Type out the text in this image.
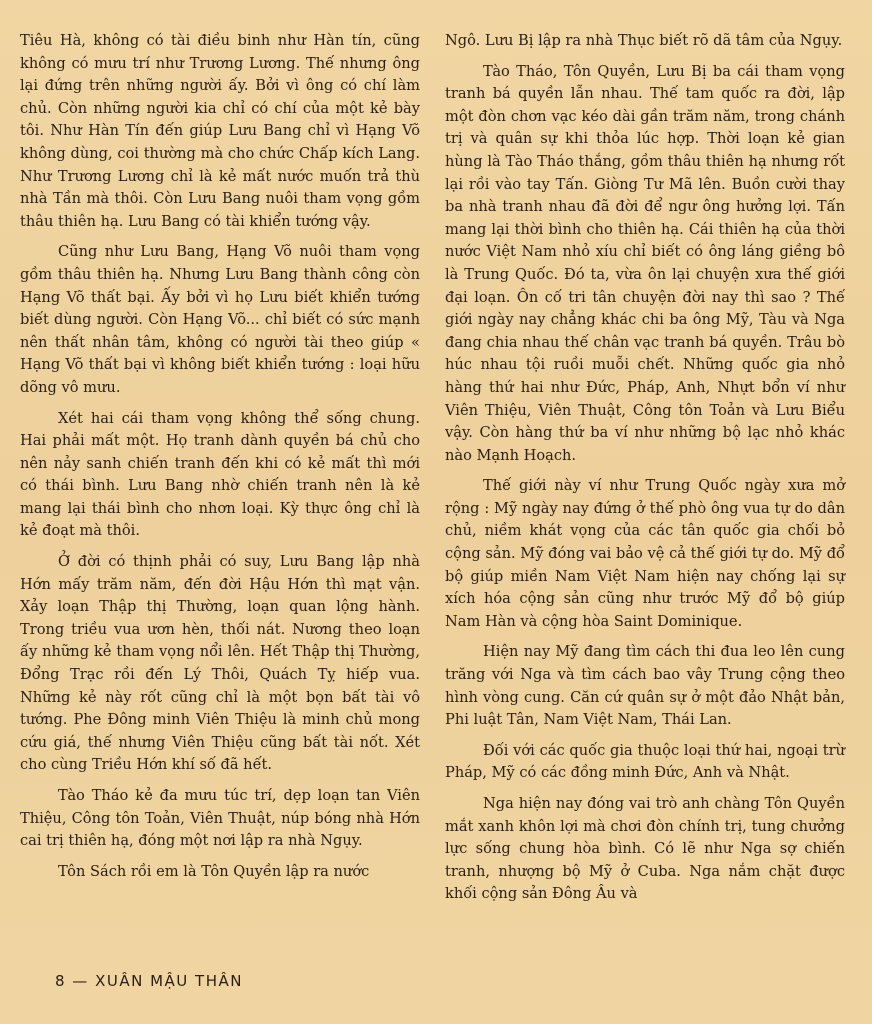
Tiêu Hà, không có tài điều binh như Hàn tín, cũng không có mưu trí như Trương Lương. Thế nhưng ông lại đứng trên những người ấy. Bởi vì ông có chí làm chủ. Còn những người kia chỉ có chí của một kẻ bày tôi. Như Hàn Tín đến giúp Lưu Bang chỉ vì Hạng Võ không dùng, coi thường mà cho chức Chấp kích Lang. Như Trương Lương chỉ là kẻ mất nước muốn trả thù nhà Tần mà thôi. Còn Lưu Bang nuôi tham vọng gồm thâu thiên hạ. Lưu Bang có tài khiển tướng vậy.

Cũng như Lưu Bang, Hạng Võ nuôi tham vọng gồm thâu thiên hạ. Nhưng Lưu Bang thành công còn Hạng Võ thất bại. Ấy bởi vì họ Lưu biết khiển tướng biết dùng người. Còn Hạng Võ... chỉ biết có sức mạnh nên thất nhân tâm, không có người tài theo giúp « Hạng Võ thất bại vì không biết khiển tướng : loại hữu dõng vô mưu.

Xét hai cái tham vọng không thể sống chung. Hai phải mất một. Họ tranh dành quyền bá chủ cho nên nảy sanh chiến tranh đến khi có kẻ mất thì mới có thái bình. Lưu Bang nhờ chiến tranh nên là kẻ mang lại thái bình cho nhơn loại. Kỳ thực ông chỉ là kẻ đoạt mà thôi.

Ở đời có thịnh phải có suy, Lưu Bang lập nhà Hớn mấy trăm năm, đến đời Hậu Hớn thì mạt vận. Xảy loạn Thập thị Thường, loạn quan lộng hành. Trong triều vua ươn hèn, thối nát. Nương theo loạn ấy những kẻ tham vọng nổi lên. Hết Thập thị Thường, Đổng Trạc rồi đến Lý Thôi, Quách Tỵ hiếp vua. Những kẻ này rốt cũng chỉ là một bọn bất tài vô tướng. Phe Đông minh Viên Thiệu là minh chủ mong cứu giá, thế nhưng Viên Thiệu cũng bất tài nốt. Xét cho cùng Triều Hớn khí số đã hết.

Tào Tháo kẻ đa mưu túc trí, dẹp loạn tan Viên Thiệu, Công tôn Toản, Viên Thuật, núp bóng nhà Hớn cai trị thiên hạ, đóng một nơi lập ra nhà Ngụy.

Tôn Sách rồi em là Tôn Quyền lập ra nước

Ngô. Lưu Bị lập ra nhà Thục biết rõ dã tâm của Ngụy.

Tào Tháo, Tôn Quyền, Lưu Bị ba cái tham vọng tranh bá quyền lẫn nhau. Thế tam quốc ra đời, lập một đòn chơn vạc kéo dài gần trăm năm, trong chánh trị và quân sự khi thỏa lúc hợp. Thời loạn kẻ gian hùng là Tào Tháo thắng, gồm thâu thiên hạ nhưng rốt lại rồi vào tay Tấn. Giòng Tư Mã lên. Buồn cười thay ba nhà tranh nhau đã đời để ngư ông hưởng lợi. Tấn mang lại thời bình cho thiên hạ. Cái thiên hạ của thời nước Việt Nam nhỏ xíu chỉ biết có ông láng giềng bô là Trung Quốc. Đó ta, vừa ôn lại chuyện xưa thế giới đại loạn. Ôn cố tri tân chuyện đời nay thì sao ? Thế giới ngày nay chẳng khác chi ba ông Mỹ, Tàu và Nga đang chia nhau thế chân vạc tranh bá quyền. Trâu bò húc nhau tội ruồi muỗi chết. Những quốc gia nhỏ hàng thứ hai như Đức, Pháp, Anh, Nhựt bổn ví như Viên Thiệu, Viên Thuật, Công tôn Toản và Lưu Biểu vậy. Còn hàng thứ ba ví như những bộ lạc nhỏ khác nào Mạnh Hoạch.

Thế giới này ví như Trung Quốc ngày xưa mở rộng : Mỹ ngày nay đứng ở thế phò ông vua tự do dân chủ, niềm khát vọng của các tân quốc gia chối bỏ cộng sản. Mỹ đóng vai bảo vệ cả thế giới tự do. Mỹ đổ bộ giúp miền Nam Việt Nam hiện nay chống lại sự xích hóa cộng sản cũng như trước Mỹ đổ bộ giúp Nam Hàn và cộng hòa Saint Dominique.

Hiện nay Mỹ đang tìm cách thi đua leo lên cung trăng với Nga và tìm cách bao vây Trung cộng theo hình vòng cung. Căn cứ quân sự ở một đảo Nhật bản, Phi luật Tân, Nam Việt Nam, Thái Lan.

Đối với các quốc gia thuộc loại thứ hai, ngoại trừ Pháp, Mỹ có các đồng minh Đức, Anh và Nhật.

Nga hiện nay đóng vai trò anh chàng Tôn Quyền mắt xanh khôn lợi mà chơi đòn chính trị, tung chưởng lực sống chung hòa bình. Có lẽ như Nga sợ chiến tranh, nhượng bộ Mỹ ở Cuba. Nga nắm chặt được khối cộng sản Đông Âu và

8 — XUÂN MẬU THÂN
